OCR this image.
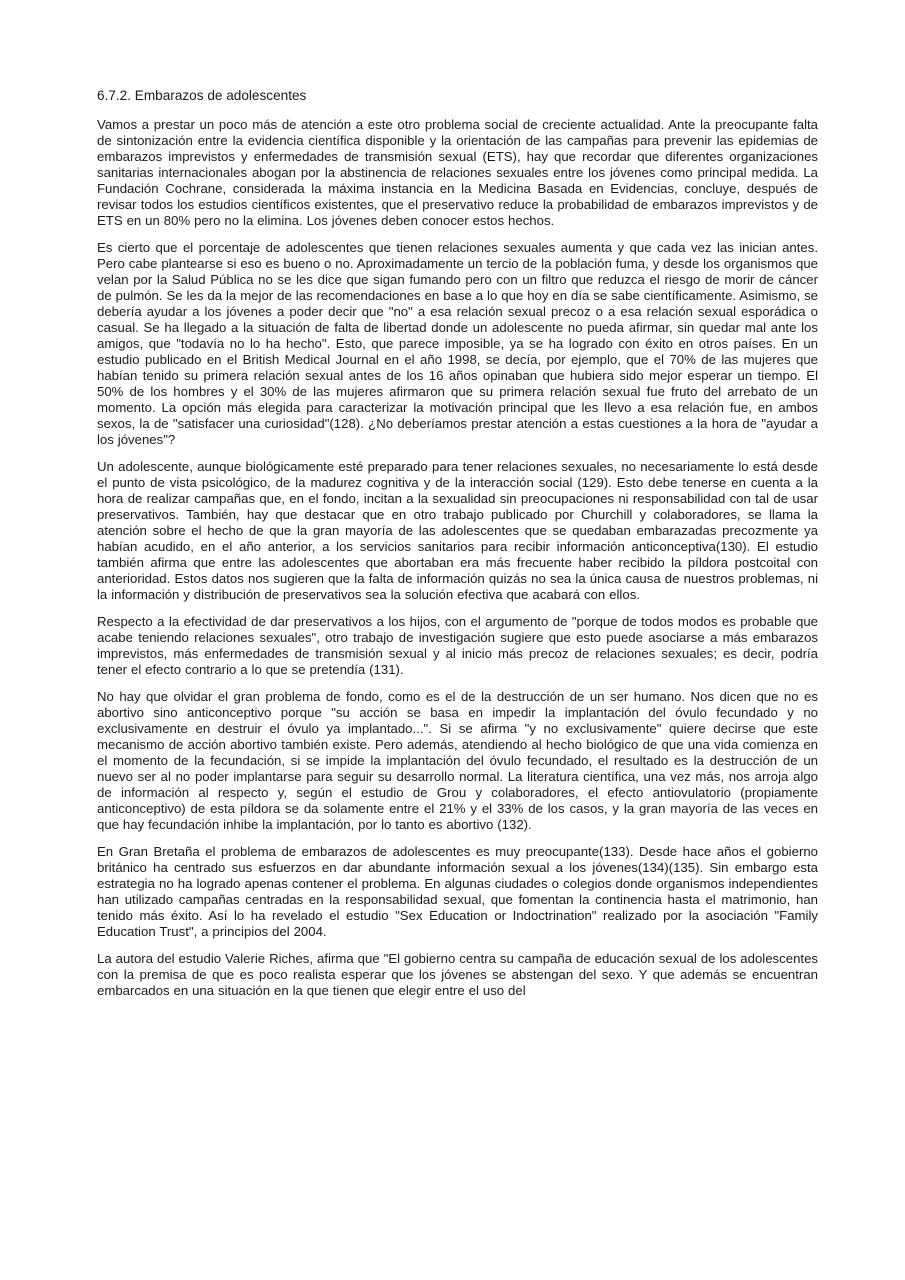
6.7.2. Embarazos de adolescentes

Vamos a prestar un poco más de atención a este otro problema social de creciente actualidad. Ante la preocupante falta de sintonización entre la evidencia científica disponible y la orientación de las campañas para prevenir las epidemias de embarazos imprevistos y enfermedades de transmisión sexual (ETS), hay que recordar que diferentes organizaciones sanitarias internacionales abogan por la abstinencia de relaciones sexuales entre los jóvenes como principal medida. La Fundación Cochrane, considerada la máxima instancia en la Medicina Basada en Evidencias, concluye, después de revisar todos los estudios científicos existentes, que el preservativo reduce la probabilidad de embarazos imprevistos y de ETS en un 80% pero no la elimina. Los jóvenes deben conocer estos hechos.

Es cierto que el porcentaje de adolescentes que tienen relaciones sexuales aumenta y que cada vez las inician antes. Pero cabe plantearse si eso es bueno o no. Aproximadamente un tercio de la población fuma, y desde los organismos que velan por la Salud Pública no se les dice que sigan fumando pero con un filtro que reduzca el riesgo de morir de cáncer de pulmón. Se les da la mejor de las recomendaciones en base a lo que hoy en día se sabe científicamente. Asimismo, se debería ayudar a los jóvenes a poder decir que "no" a esa relación sexual precoz o a esa relación sexual esporádica o casual. Se ha llegado a la situación de falta de libertad donde un adolescente no pueda afirmar, sin quedar mal ante los amigos, que "todavía no lo ha hecho". Esto, que parece imposible, ya se ha logrado con éxito en otros países. En un estudio publicado en el British Medical Journal en el año 1998, se decía, por ejemplo, que el 70% de las mujeres que habían tenido su primera relación sexual antes de los 16 años opinaban que hubiera sido mejor esperar un tiempo. El 50% de los hombres y el 30% de las mujeres afirmaron que su primera relación sexual fue fruto del arrebato de un momento. La opción más elegida para caracterizar la motivación principal que les llevo a esa relación fue, en ambos sexos, la de "satisfacer una curiosidad"(128). ¿No deberíamos prestar atención a estas cuestiones a la hora de "ayudar a los jóvenes"?

Un adolescente, aunque biológicamente esté preparado para tener relaciones sexuales, no necesariamente lo está desde el punto de vista psicológico, de la madurez cognitiva y de la interacción social (129). Esto debe tenerse en cuenta a la hora de realizar campañas que, en el fondo, incitan a la sexualidad sin preocupaciones ni responsabilidad con tal de usar preservativos. También, hay que destacar que en otro trabajo publicado por Churchill y colaboradores, se llama la atención sobre el hecho de que la gran mayoría de las adolescentes que se quedaban embarazadas precozmente ya habían acudido, en el año anterior, a los servicios sanitarios para recibir información anticonceptiva(130). El estudio también afirma que entre las adolescentes que abortaban era más frecuente haber recibido la píldora postcoital con anterioridad. Estos datos nos sugieren que la falta de información quizás no sea la única causa de nuestros problemas, ni la información y distribución de preservativos sea la solución efectiva que acabará con ellos.

Respecto a la efectividad de dar preservativos a los hijos, con el argumento de "porque de todos modos es probable que acabe teniendo relaciones sexuales", otro trabajo de investigación sugiere que esto puede asociarse a más embarazos imprevistos, más enfermedades de transmisión sexual y al inicio más precoz de relaciones sexuales; es decir, podría tener el efecto contrario a lo que se pretendía (131).

No hay que olvidar el gran problema de fondo, como es el de la destrucción de un ser humano. Nos dicen que no es abortivo sino anticonceptivo porque "su acción se basa en impedir la implantación del óvulo fecundado y no exclusivamente en destruir el óvulo ya implantado...". Si se afirma "y no exclusivamente" quiere decirse que este mecanismo de acción abortivo también existe. Pero además, atendiendo al hecho biológico de que una vida comienza en el momento de la fecundación, si se impide la implantación del óvulo fecundado, el resultado es la destrucción de un nuevo ser al no poder implantarse para seguir su desarrollo normal. La literatura científica, una vez más, nos arroja algo de información al respecto y, según el estudio de Grou y colaboradores, el efecto antiovulatorio (propiamente anticonceptivo) de esta píldora se da solamente entre el 21% y el 33% de los casos, y la gran mayoría de las veces en que hay fecundación inhibe la implantación, por lo tanto es abortivo (132).

En Gran Bretaña el problema de embarazos de adolescentes es muy preocupante(133). Desde hace años el gobierno británico ha centrado sus esfuerzos en dar abundante información sexual a los jóvenes(134)(135). Sin embargo esta estrategia no ha logrado apenas contener el problema. En algunas ciudades o colegios donde organismos independientes han utilizado campañas centradas en la responsabilidad sexual, que fomentan la continencia hasta el matrimonio, han tenido más éxito. Así lo ha revelado el estudio "Sex Education or Indoctrination" realizado por la asociación "Family Education Trust", a principios del 2004.

La autora del estudio Valerie Riches, afirma que "El gobierno centra su campaña de educación sexual de los adolescentes con la premisa de que es poco realista esperar que los jóvenes se abstengan del sexo. Y que además se encuentran embarcados en una situación en la que tienen que elegir entre el uso del
